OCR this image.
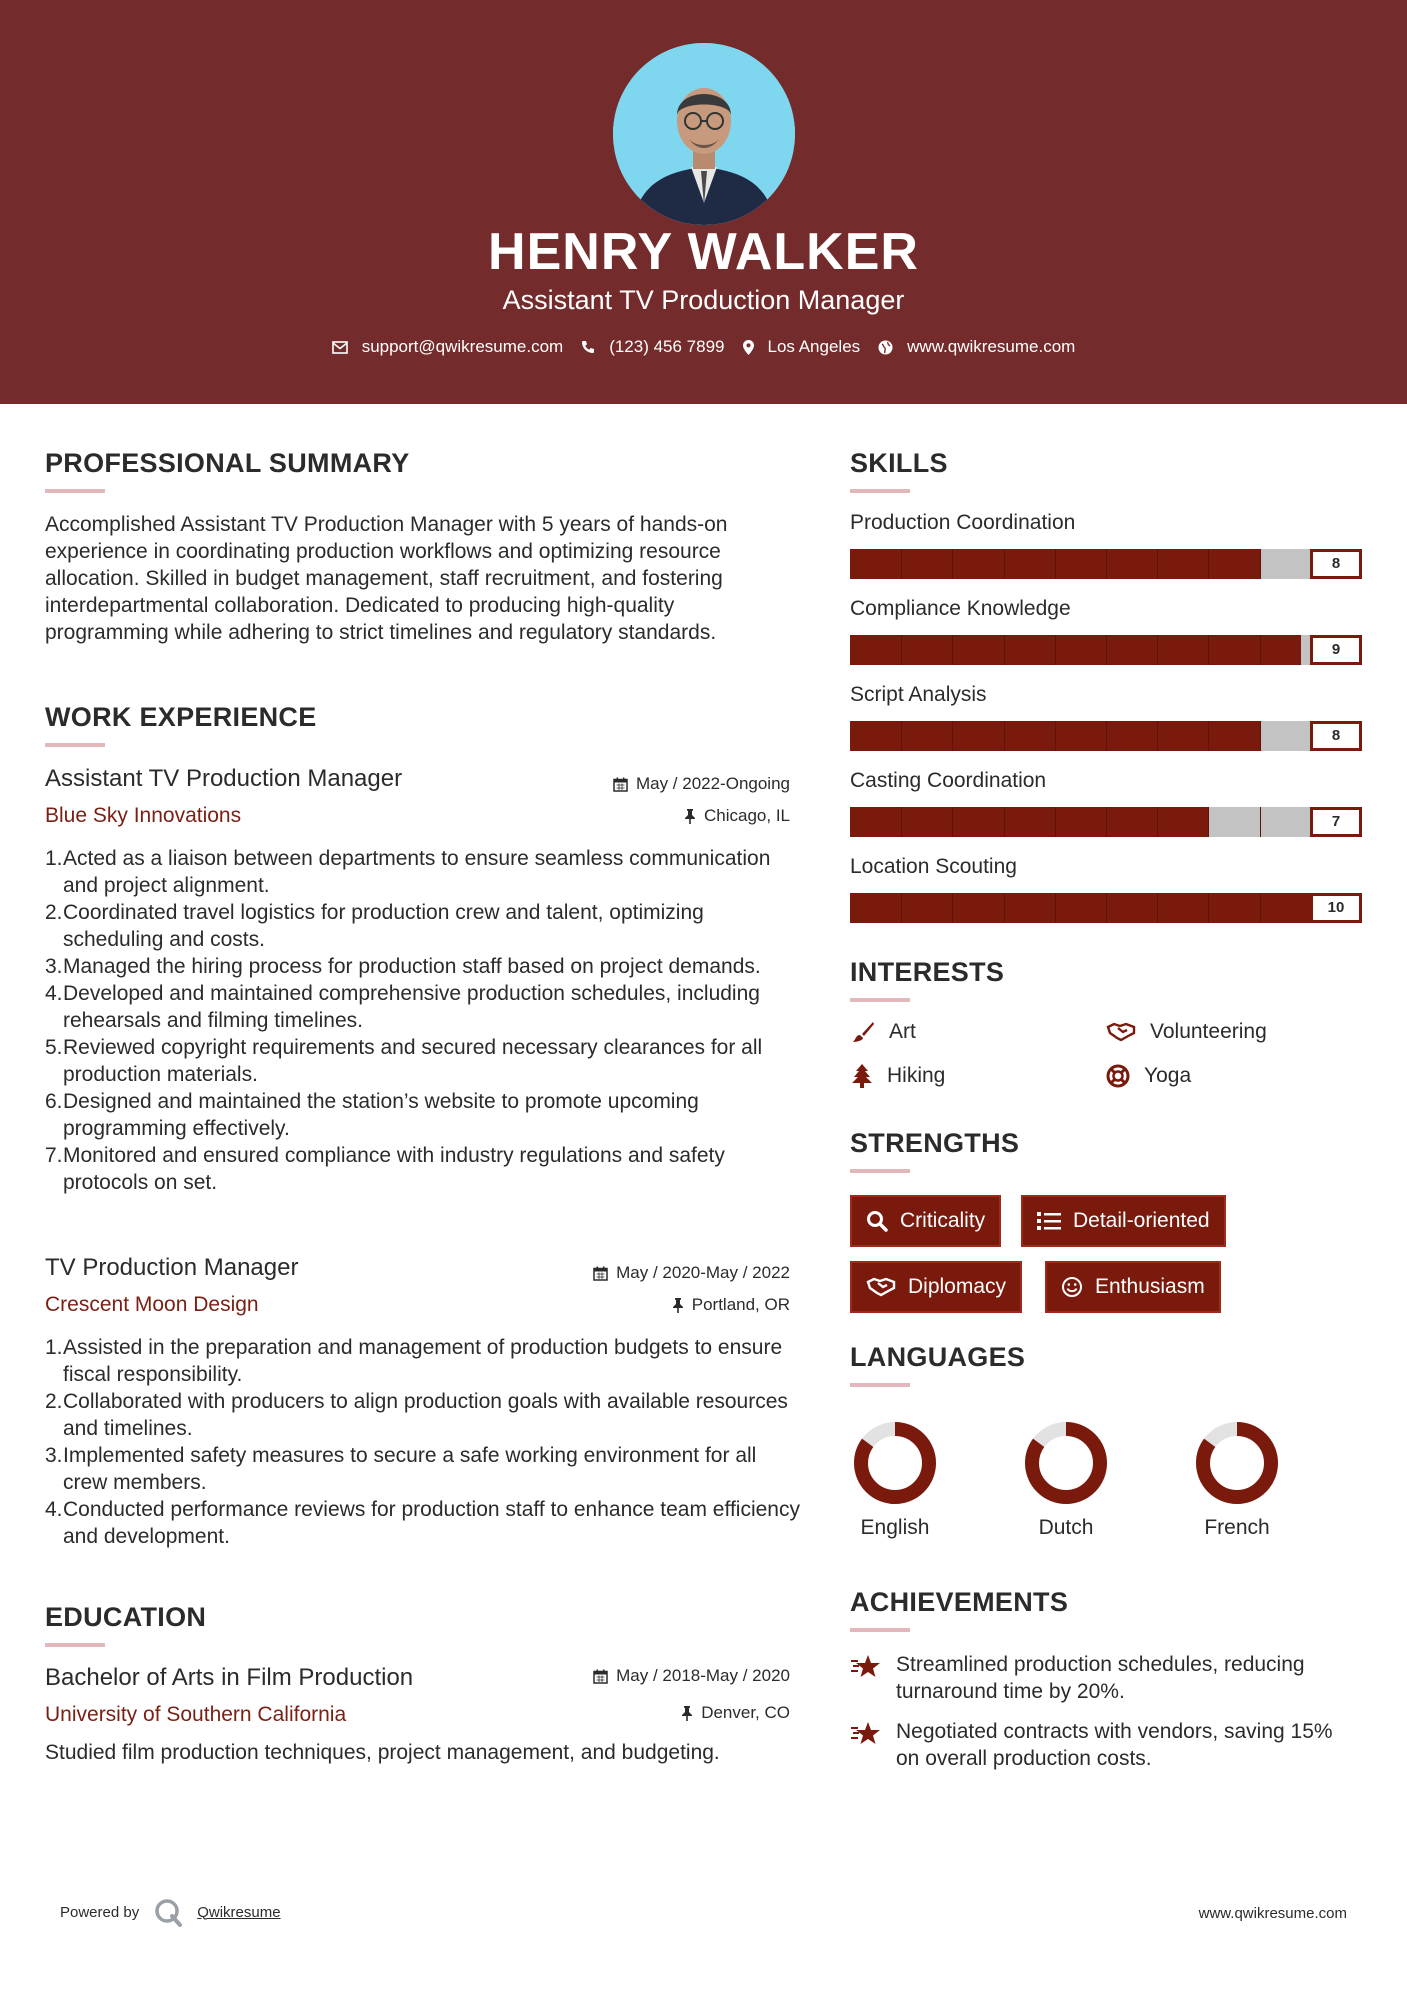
HENRY WALKER
Assistant TV Production Manager
support@qwikresume.com	(123) 456 7899	Los Angeles	www.qwikresume.com
PROFESSIONAL SUMMARY
Accomplished Assistant TV Production Manager with 5 years of hands-on experience in coordinating production workflows and optimizing resource allocation. Skilled in budget management, staff recruitment, and fostering interdepartmental collaboration. Dedicated to producing high-quality programming while adhering to strict timelines and regulatory standards.
WORK EXPERIENCE
Assistant TV Production Manager	May / 2022-Ongoing
Blue Sky Innovations	Chicago, IL
1. Acted as a liaison between departments to ensure seamless communication and project alignment.
2. Coordinated travel logistics for production crew and talent, optimizing scheduling and costs.
3. Managed the hiring process for production staff based on project demands.
4. Developed and maintained comprehensive production schedules, including rehearsals and filming timelines.
5. Reviewed copyright requirements and secured necessary clearances for all production materials.
6. Designed and maintained the station’s website to promote upcoming programming effectively.
7. Monitored and ensured compliance with industry regulations and safety protocols on set.
TV Production Manager	May / 2020-May / 2022
Crescent Moon Design	Portland, OR
1. Assisted in the preparation and management of production budgets to ensure fiscal responsibility.
2. Collaborated with producers to align production goals with available resources and timelines.
3. Implemented safety measures to secure a safe working environment for all crew members.
4. Conducted performance reviews for production staff to enhance team efficiency and development.
EDUCATION
Bachelor of Arts in Film Production	May / 2018-May / 2020
University of Southern California	Denver, CO
Studied film production techniques, project management, and budgeting.
SKILLS
Production Coordination
8
Compliance Knowledge
9
Script Analysis
8
Casting Coordination
7
Location Scouting
10
INTERESTS
Art	Volunteering
Hiking	Yoga
STRENGTHS
Criticality	Detail-oriented
Diplomacy	Enthusiasm
LANGUAGES
English	Dutch	French
ACHIEVEMENTS
Streamlined production schedules, reducing turnaround time by 20%.
Negotiated contracts with vendors, saving 15% on overall production costs.
Powered by	Qwikresume	www.qwikresume.com
